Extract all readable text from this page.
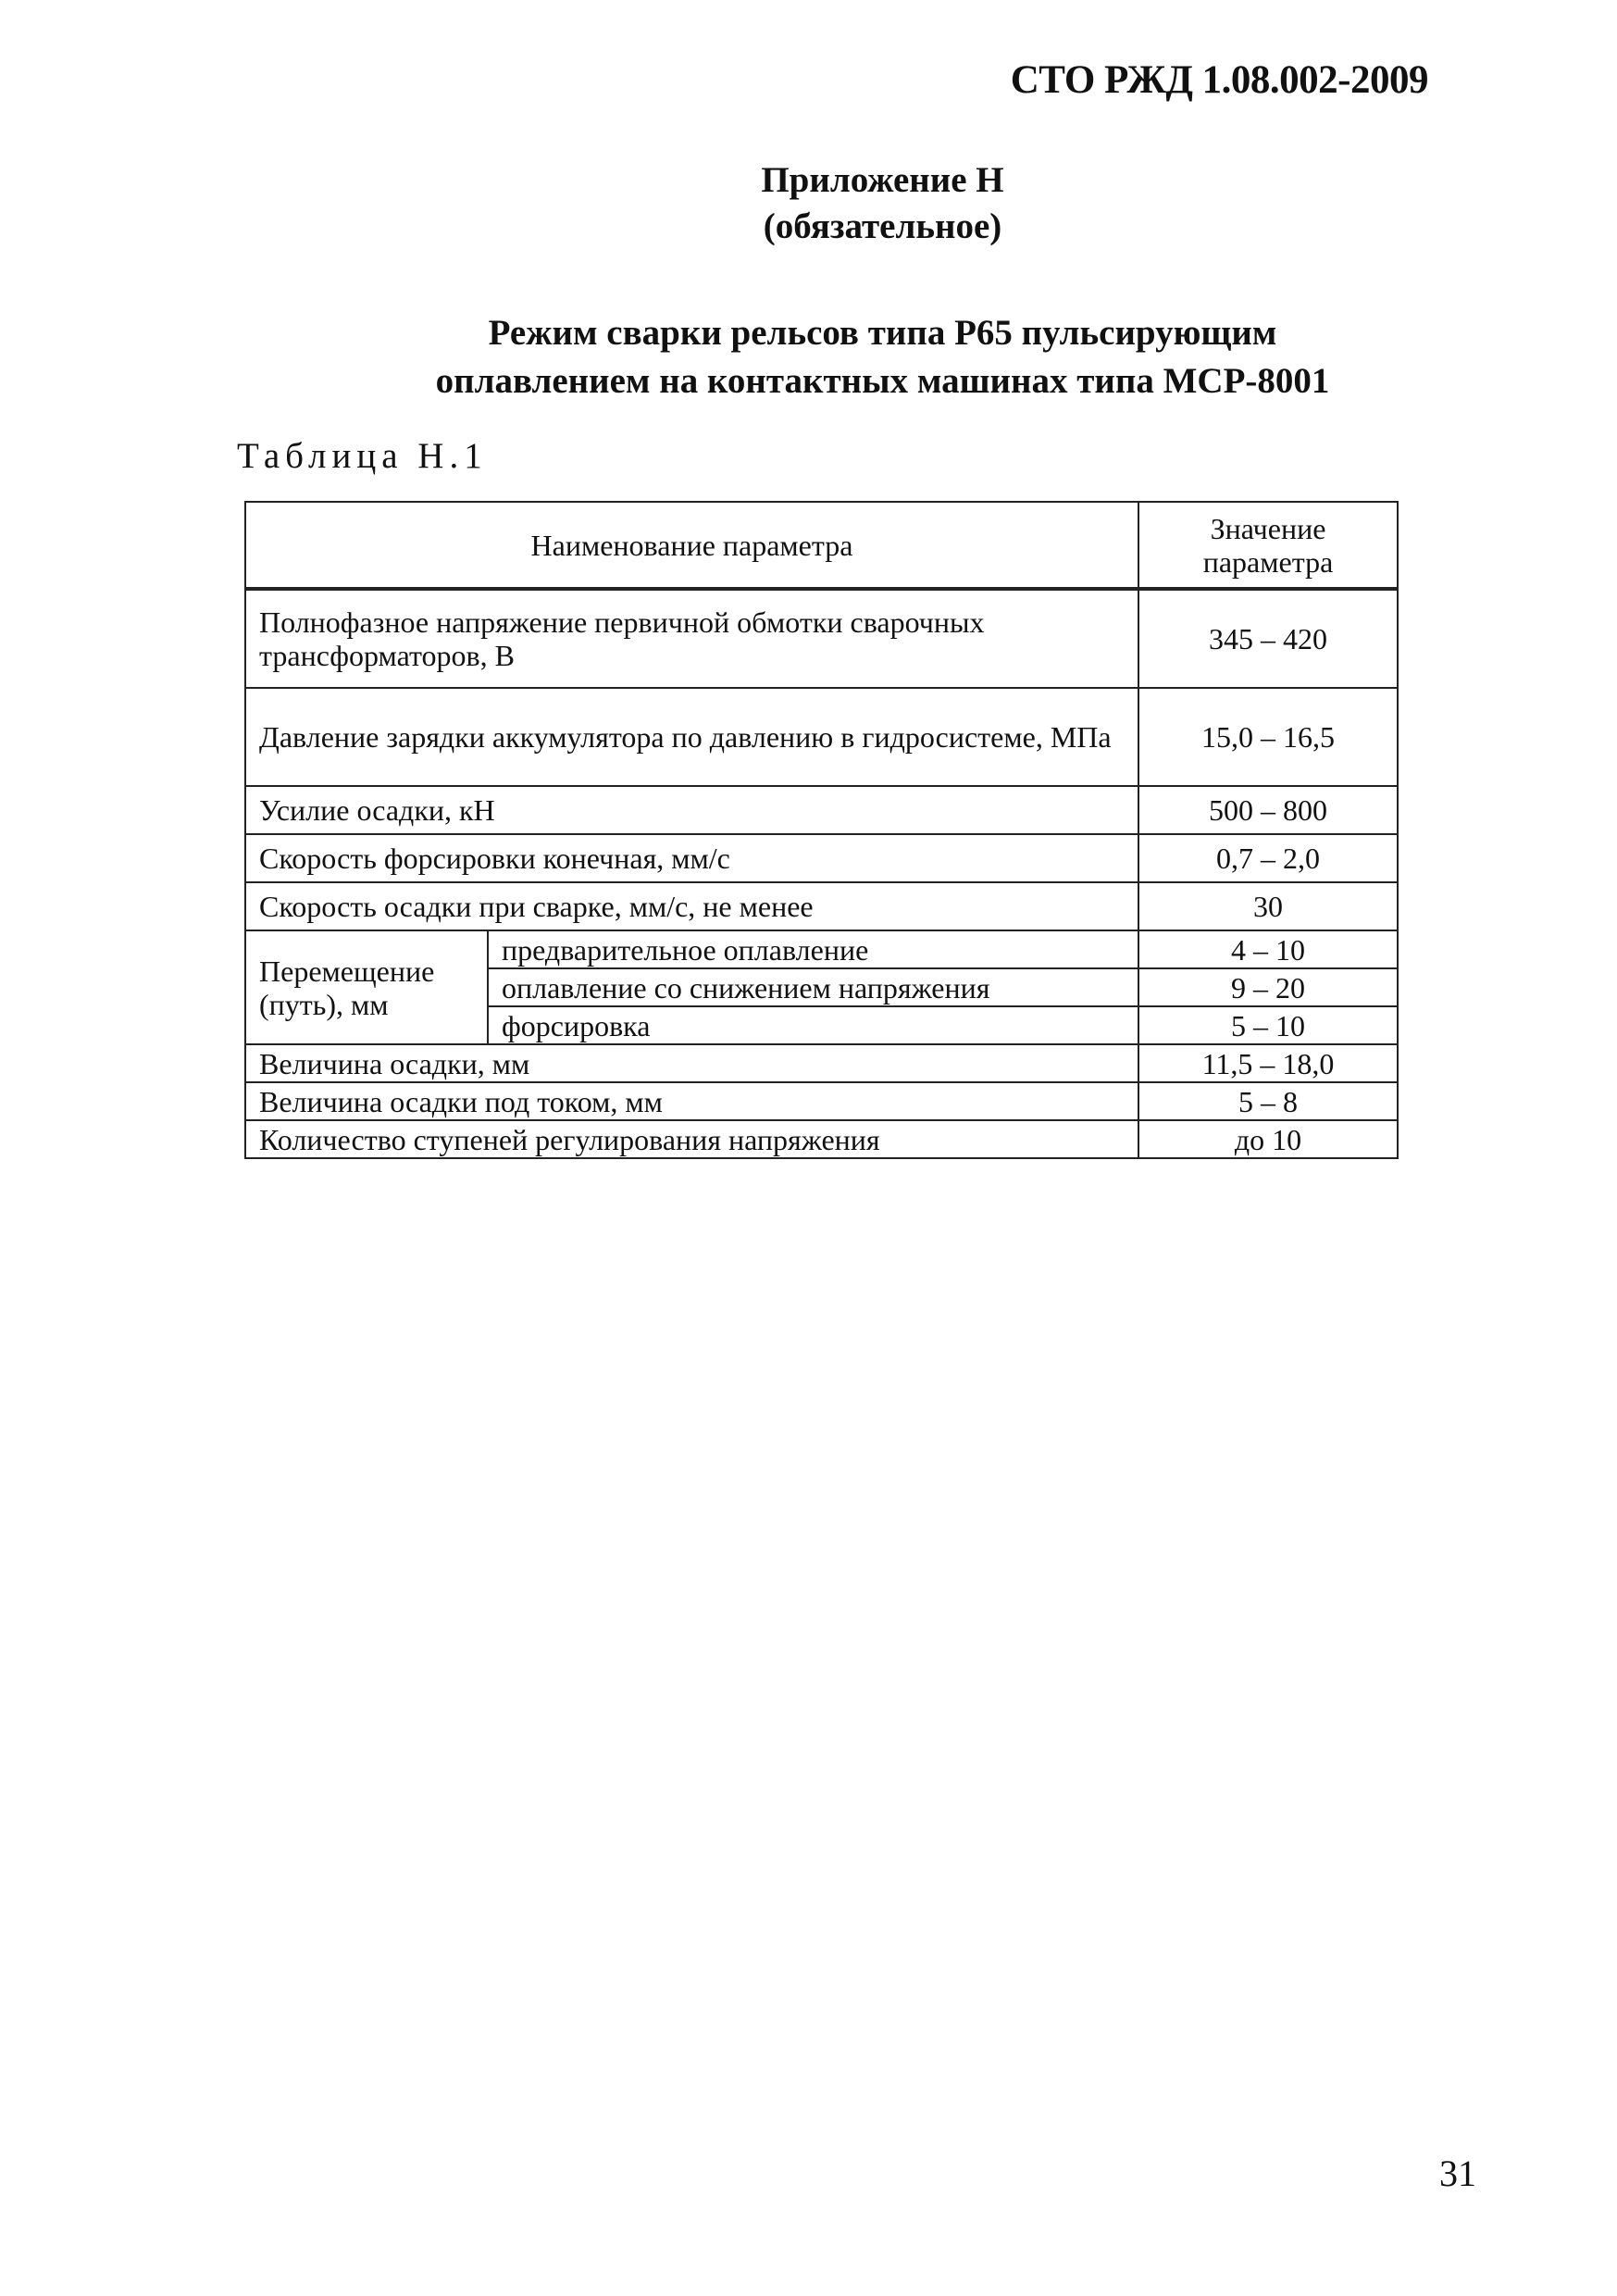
СТО РЖД 1.08.002-2009
Приложение Н
(обязательное)
Режим сварки рельсов типа Р65 пульсирующим
оплавлением на контактных машинах типа МСР-8001
Таблица Н.1
Наименование параметра		Значение параметра
Полнофазное напряжение первичной обмотки сварочных трансформаторов, В		345 – 420
Давление зарядки аккумулятора по давлению в гидросистеме, МПа		15,0 – 16,5
Усилие осадки, кН		500 – 800
Скорость форсировки конечная, мм/с		0,7 – 2,0
Скорость осадки при сварке, мм/с, не менее		30
Перемещение (путь), мм	предварительное оплавление	4 – 10
	оплавление со снижением напряжения	9 – 20
	форсировка	5 – 10
Величина осадки, мм		11,5 – 18,0
Величина осадки под током, мм		5 – 8
Количество ступеней регулирования напряжения		до 10
31
